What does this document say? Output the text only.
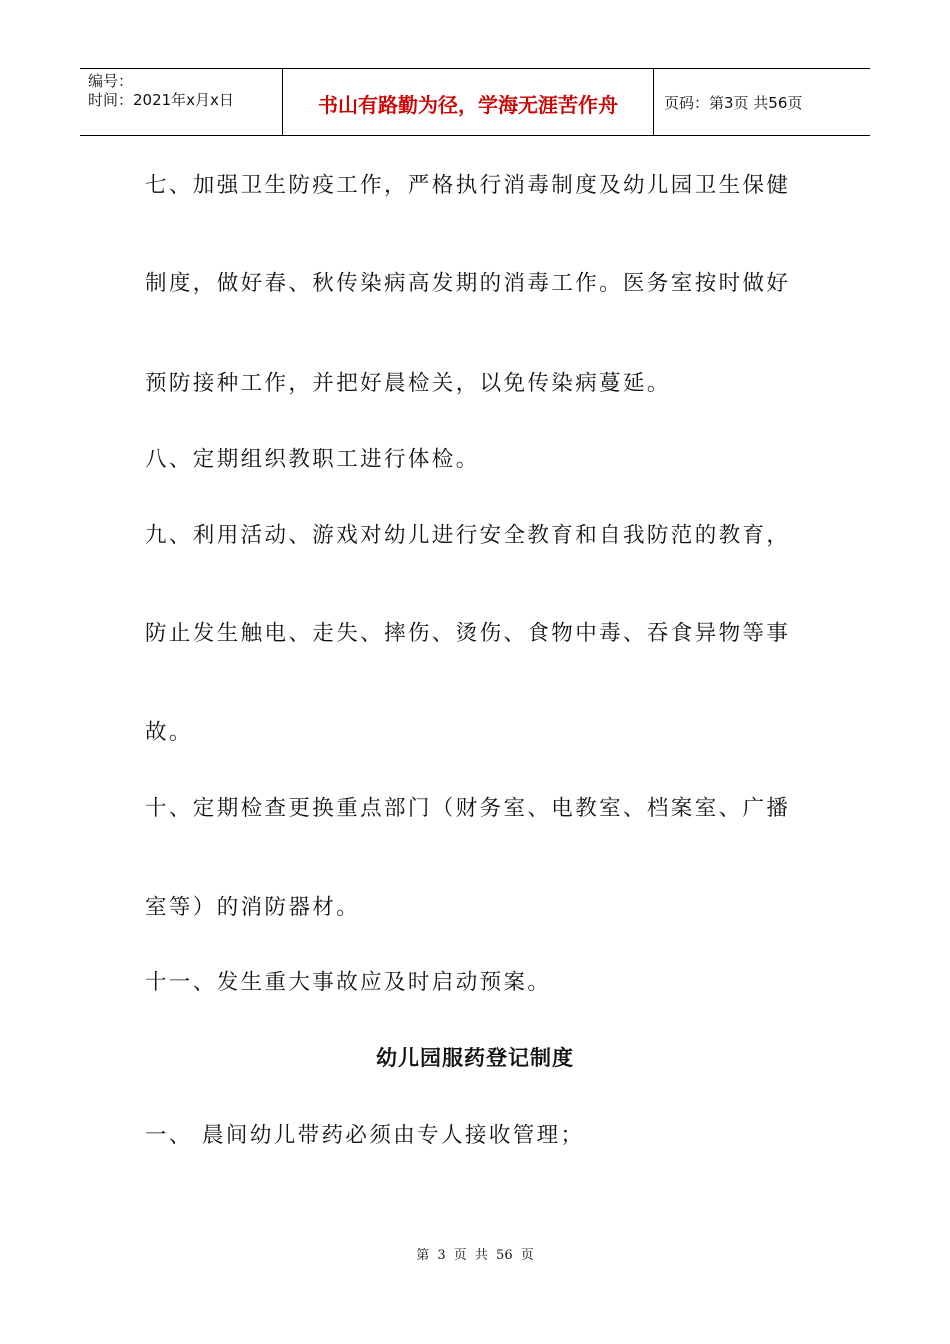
编号：

时间：2021年x月x日	书山有路勤为径，学海无涯苦作舟	页码：第3页 共56页

七、加强卫生防疫工作，严格执行消毒制度及幼儿园卫生保健

制度，做好春、秋传染病高发期的消毒工作。医务室按时做好

预防接种工作，并把好晨检关，以免传染病蔓延。

八、定期组织教职工进行体检。

九、利用活动、游戏对幼儿进行安全教育和自我防范的教育，

防止发生触电、走失、摔伤、烫伤、食物中毒、吞食异物等事

故。

十、定期检查更换重点部门（财务室、电教室、档案室、广播

室等）的消防器材。

十一、发生重大事故应及时启动预案。

幼儿园服药登记制度

一、 晨间幼儿带药必须由专人接收管理；

第 3 页 共 56 页
